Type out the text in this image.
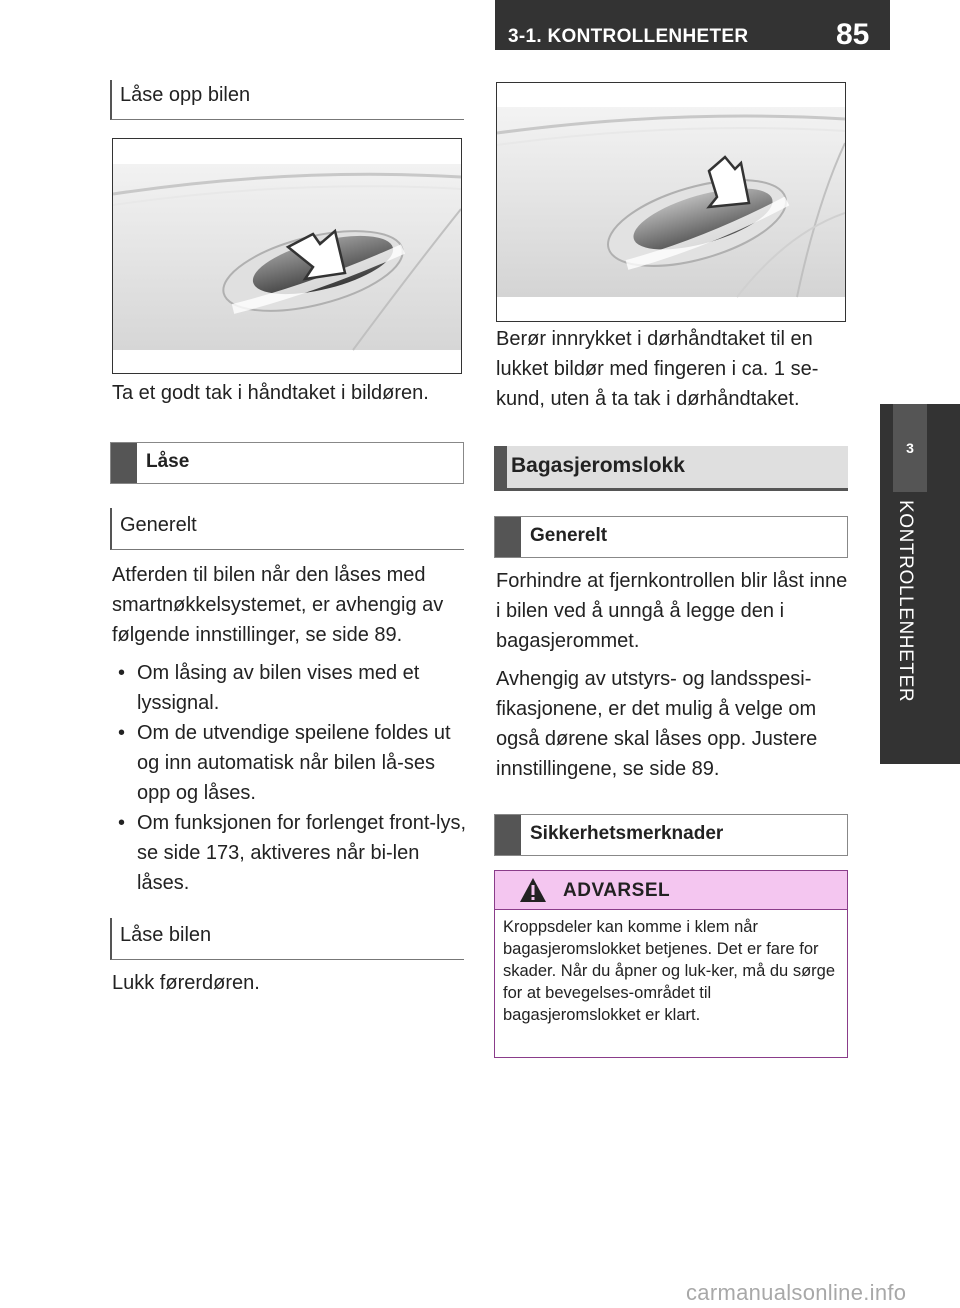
3-1. KONTROLLENHETER	85
3
KONTROLLENHETER
Låse opp bilen
Ta et godt tak i håndtaket i bildøren.
Låse
Generelt

Atferden til bilen når den låses med smartnøkkelsystemet, er avhengig av følgende innstillinger, se side 89.

• Om låsing av bilen vises med et lyssignal.
• Om de utvendige speilene foldes ut og inn automatisk når bilen lå-ses opp og låses.
• Om funksjonen for forlenget front-lys, se side 173, aktiveres når bi-len låses.
Låse bilen
Lukk førerdøren.
Berør innrykket i dørhåndtaket til en lukket bildør med fingeren i ca. 1 se-kund, uten å ta tak i dørhåndtaket.
Bagasjeromslokk
Generelt

Forhindre at fjernkontrollen blir låst inne i bilen ved å unngå å legge den i bagasjerommet.

Avhengig av utstyrs- og landsspesi-fikasjonene, er det mulig å velge om også dørene skal låses opp. Justere innstillingene, se side 89.

Sikkerhetsmerknader
ADVARSEL
Kroppsdeler kan komme i klem når bagasjeromslokket betjenes. Det er fare for skader. Når du åpner og luk-ker, må du sørge for at bevegelses-området til bagasjeromslokket er klart.
carmanualsonline.info
